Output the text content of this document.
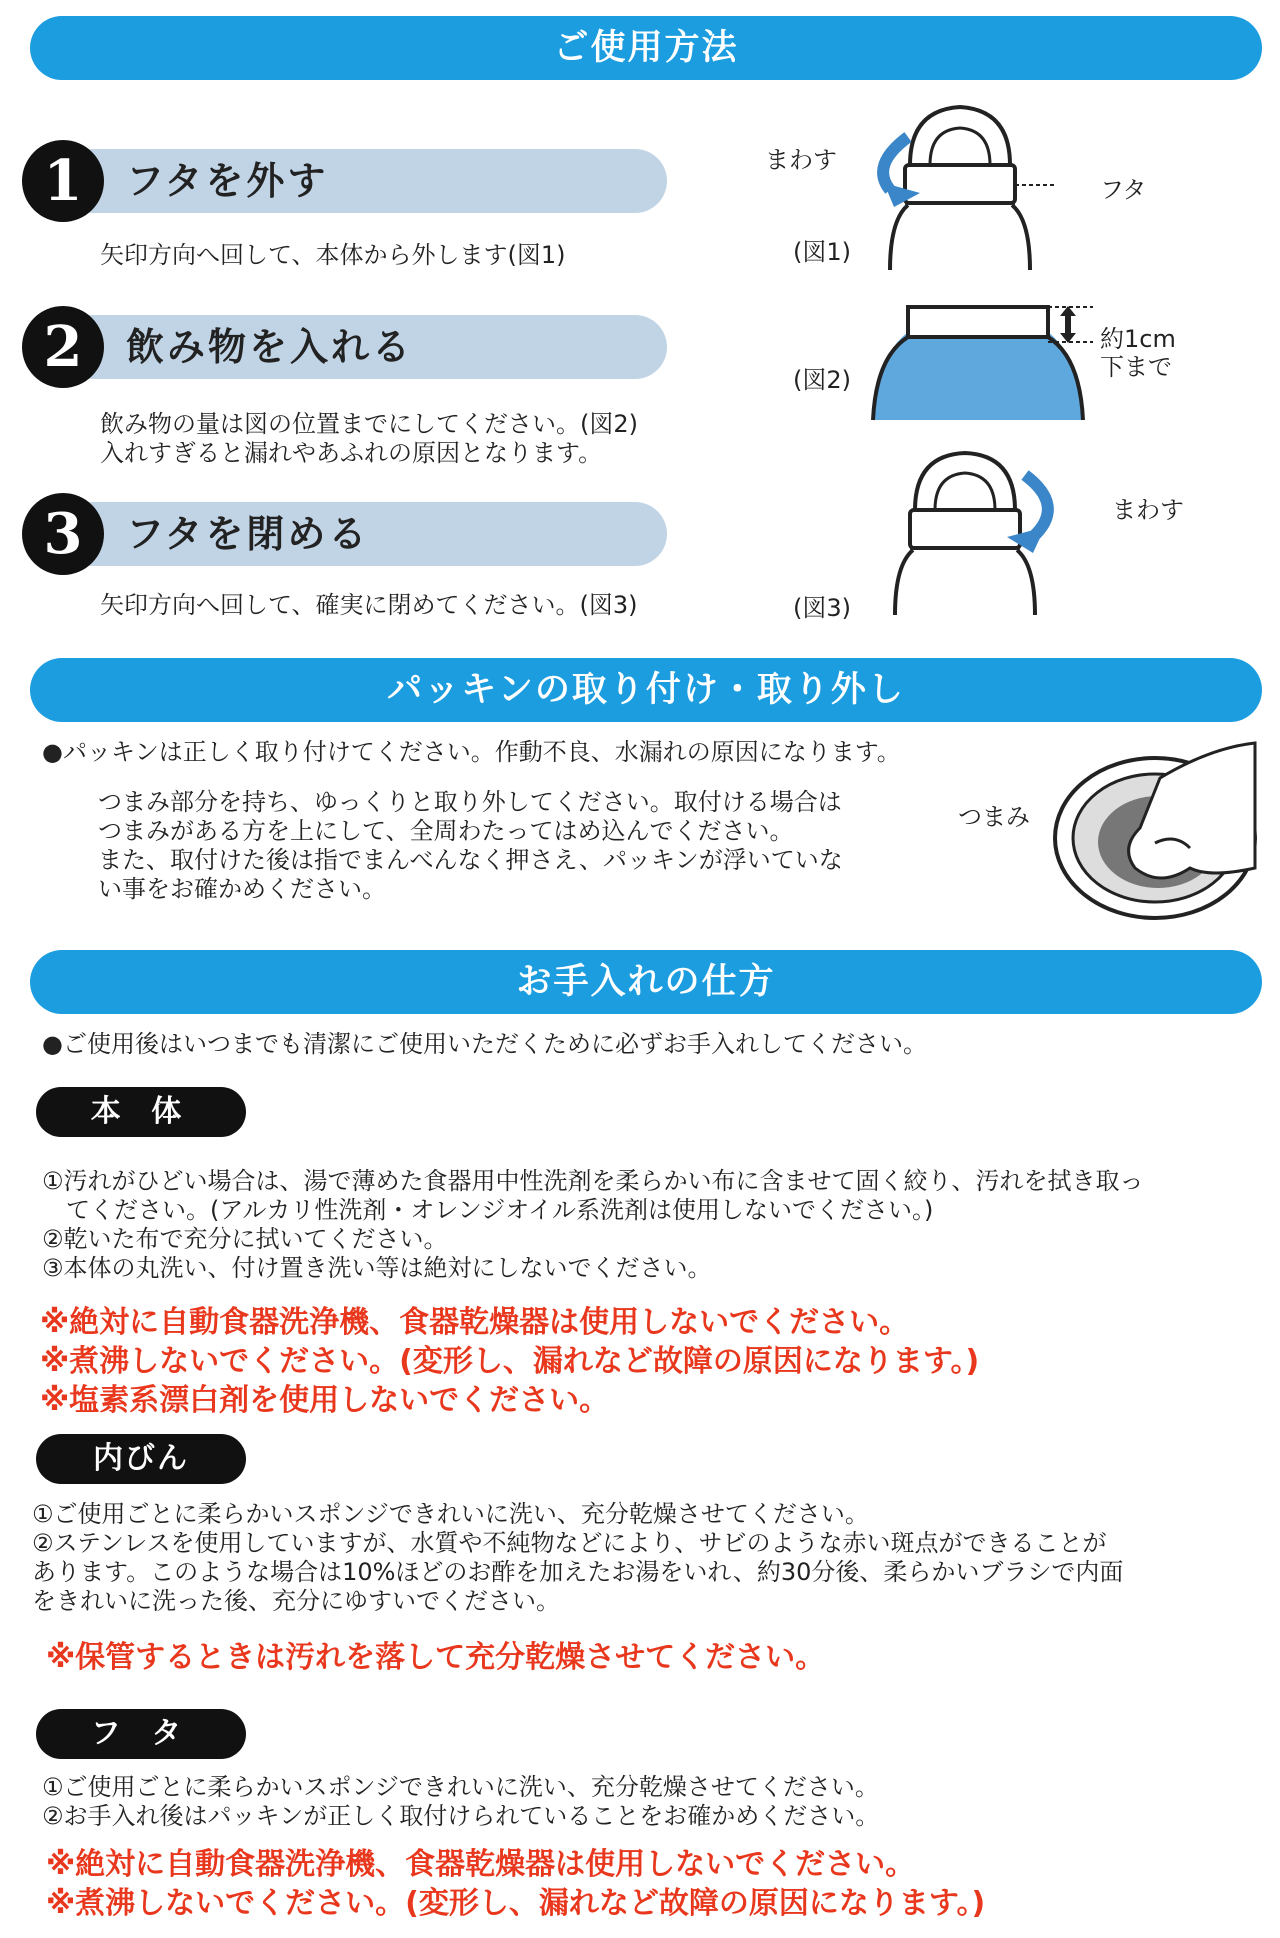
ご使用方法
1	フタを外す
矢印方向へ回して、本体から外します(図1)
2	飲み物を入れる
飲み物の量は図の位置までにしてください。(図2)
入れすぎると漏れやあふれの原因となります。
3	フタを閉める
矢印方向へ回して、確実に閉めてください。(図3)
まわす
フタ
(図1)
約1cm
下まで
(図2)
まわす
(図3)
パッキンの取り付け・取り外し
●パッキンは正しく取り付けてください。作動不良、水漏れの原因になります。
つまみ部分を持ち、ゆっくりと取り外してください。取付ける場合は
つまみがある方を上にして、全周わたってはめ込んでください。
また、取付けた後は指でまんべんなく押さえ、パッキンが浮いていな
い事をお確かめください。
つまみ
お手入れの仕方
●ご使用後はいつまでも清潔にご使用いただくために必ずお手入れしてください。
本 体
①汚れがひどい場合は、湯で薄めた食器用中性洗剤を柔らかい布に含ませて固く絞り、汚れを拭き取っ
　てください。(アルカリ性洗剤・オレンジオイル系洗剤は使用しないでください。)
②乾いた布で充分に拭いてください。
③本体の丸洗い、付け置き洗い等は絶対にしないでください。
※絶対に自動食器洗浄機、食器乾燥器は使用しないでください。
※煮沸しないでください。(変形し、漏れなど故障の原因になります。)
※塩素系漂白剤を使用しないでください。
内びん
①ご使用ごとに柔らかいスポンジできれいに洗い、充分乾燥させてください。
②ステンレスを使用していますが、水質や不純物などにより、サビのような赤い斑点ができることが
あります。このような場合は10%ほどのお酢を加えたお湯をいれ、約30分後、柔らかいブラシで内面
をきれいに洗った後、充分にゆすいでください。
※保管するときは汚れを落して充分乾燥させてください。
フ タ
①ご使用ごとに柔らかいスポンジできれいに洗い、充分乾燥させてください。
②お手入れ後はパッキンが正しく取付けられていることをお確かめください。
※絶対に自動食器洗浄機、食器乾燥器は使用しないでください。
※煮沸しないでください。(変形し、漏れなど故障の原因になります。)
